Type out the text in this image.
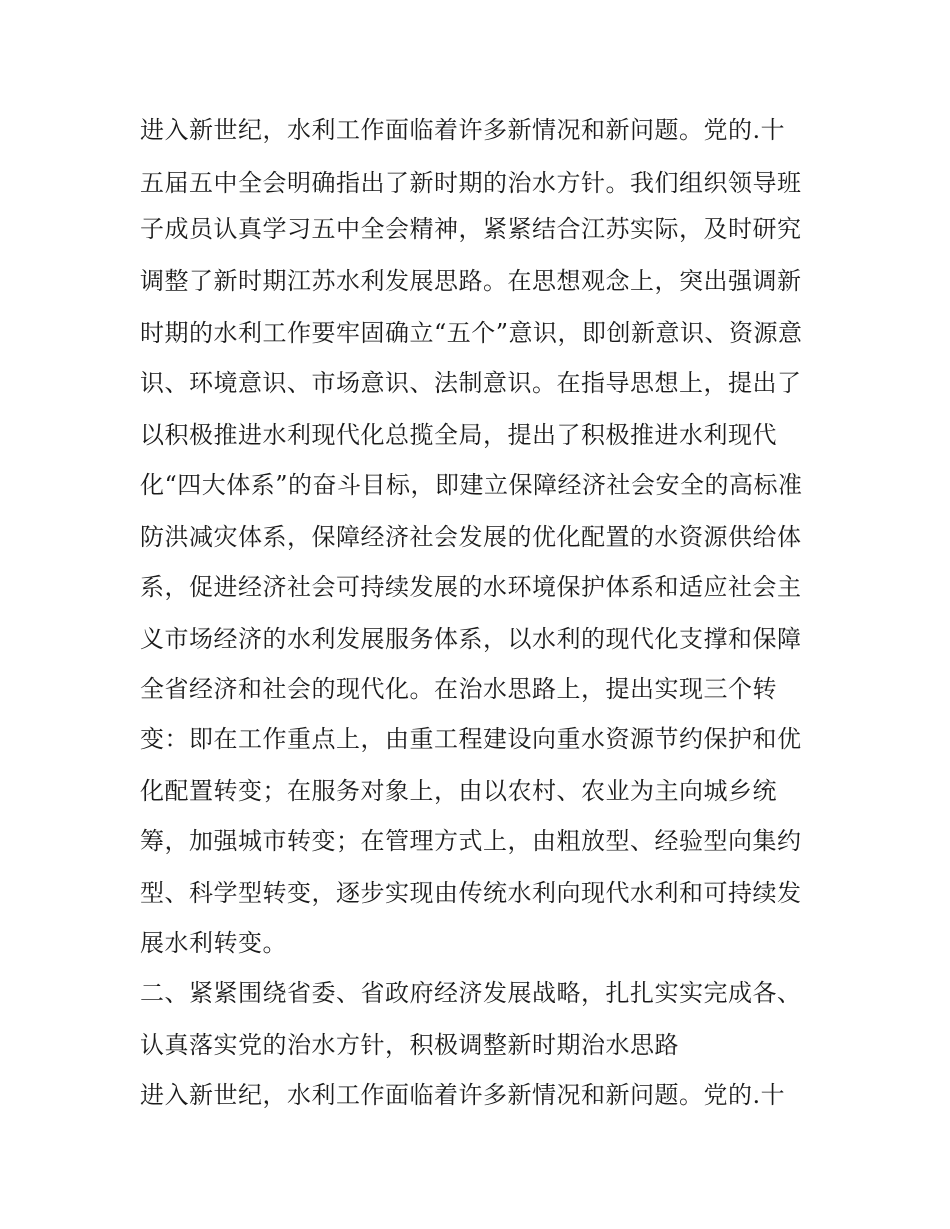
进入新世纪，水利工作面临着许多新情况和新问题。党的.十
五届五中全会明确指出了新时期的治水方针。我们组织领导班
子成员认真学习五中全会精神，紧紧结合江苏实际，及时研究
调整了新时期江苏水利发展思路。在思想观念上，突出强调新
时期的水利工作要牢固确立“五个”意识，即创新意识、资源意
识、环境意识、市场意识、法制意识。在指导思想上，提出了
以积极推进水利现代化总揽全局，提出了积极推进水利现代
化“四大体系”的奋斗目标，即建立保障经济社会安全的高标准
防洪减灾体系，保障经济社会发展的优化配置的水资源供给体
系，促进经济社会可持续发展的水环境保护体系和适应社会主
义市场经济的水利发展服务体系，以水利的现代化支撑和保障
全省经济和社会的现代化。在治水思路上，提出实现三个转
变：即在工作重点上，由重工程建设向重水资源节约保护和优
化配置转变；在服务对象上，由以农村、农业为主向城乡统
筹，加强城市转变；在管理方式上，由粗放型、经验型向集约
型、科学型转变，逐步实现由传统水利向现代水利和可持续发
展水利转变。
二、紧紧围绕省委、省政府经济发展战略，扎扎实实完成各、
认真落实党的治水方针，积极调整新时期治水思路
进入新世纪，水利工作面临着许多新情况和新问题。党的.十
